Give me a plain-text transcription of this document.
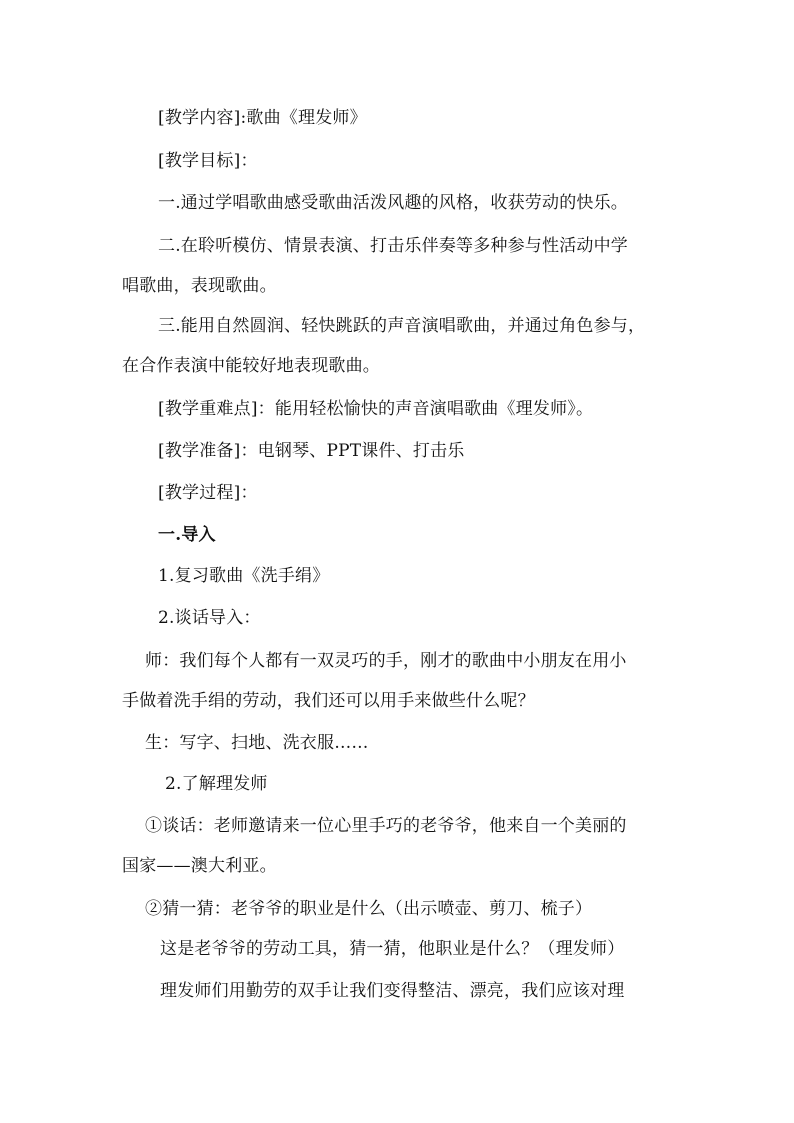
[教学内容]:歌曲《理发师》
[教学目标]：
一.通过学唱歌曲感受歌曲活泼风趣的风格，收获劳动的快乐。
二.在聆听模仿、情景表演、打击乐伴奏等多种参与性活动中学
唱歌曲，表现歌曲。
三.能用自然圆润、轻快跳跃的声音演唱歌曲，并通过角色参与，
在合作表演中能较好地表现歌曲。
[教学重难点]：能用轻松愉快的声音演唱歌曲《理发师》。
[教学准备]：电钢琴、PPT课件、打击乐
[教学过程]：
一.导入
1.复习歌曲《洗手绢》
2.谈话导入：
师：我们每个人都有一双灵巧的手，刚才的歌曲中小朋友在用小
手做着洗手绢的劳动，我们还可以用手来做些什么呢？
生：写字、扫地、洗衣服……
2.了解理发师
①谈话：老师邀请来一位心里手巧的老爷爷，他来自一个美丽的
国家——澳大利亚。
②猜一猜：老爷爷的职业是什么（出示喷壶、剪刀、梳子）
这是老爷爷的劳动工具，猜一猜，他职业是什么？（理发师）
理发师们用勤劳的双手让我们变得整洁、漂亮，我们应该对理
